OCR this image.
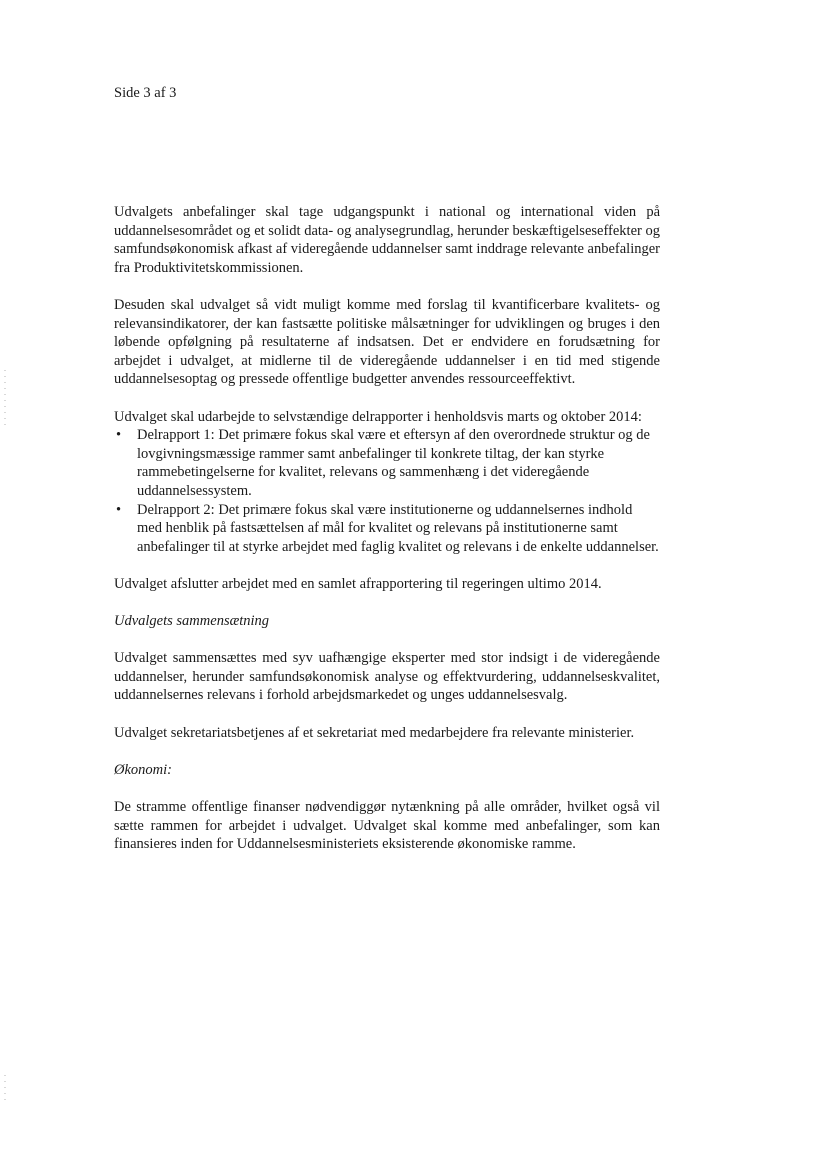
Side 3 af 3

Udvalgets anbefalinger skal tage udgangspunkt i national og international viden på uddannelsesområdet og et solidt data- og analysegrundlag, herunder beskæftigelseseffekter og samfundsøkonomisk afkast af videregående uddannelser samt inddrage relevante anbefalinger fra Produktivitetskommissionen.

Desuden skal udvalget så vidt muligt komme med forslag til kvantificerbare kvalitets- og relevansindikatorer, der kan fastsætte politiske målsætninger for udviklingen og bruges i den løbende opfølgning på resultaterne af indsatsen. Det er endvidere en forudsætning for arbejdet i udvalget, at midlerne til de videregående uddannelser i en tid med stigende uddannelsesoptag og pressede offentlige budgetter anvendes ressourceeffektivt.

Udvalget skal udarbejde to selvstændige delrapporter i henholdsvis marts og oktober 2014:

• Delrapport 1: Det primære fokus skal være et eftersyn af den overordnede struktur og de lovgivningsmæssige rammer samt anbefalinger til konkrete tiltag, der kan styrke rammebetingelserne for kvalitet, relevans og sammenhæng i det videregående uddannelsessystem.
• Delrapport 2: Det primære fokus skal være institutionerne og uddannelsernes indhold med henblik på fastsættelsen af mål for kvalitet og relevans på institutionerne samt anbefalinger til at styrke arbejdet med faglig kvalitet og relevans i de enkelte uddannelser.

Udvalget afslutter arbejdet med en samlet afrapportering til regeringen ultimo 2014.

Udvalgets sammensætning

Udvalget sammensættes med syv uafhængige eksperter med stor indsigt i de videregående uddannelser, herunder samfundsøkonomisk analyse og effektvurdering, uddannelseskvalitet, uddannelsernes relevans i forhold arbejdsmarkedet og unges uddannelsesvalg.

Udvalget sekretariatsbetjenes af et sekretariat med medarbejdere fra relevante ministerier.

Økonomi:

De stramme offentlige finanser nødvendiggør nytænkning på alle områder, hvilket også vil sætte rammen for arbejdet i udvalget. Udvalget skal komme med anbefalinger, som kan finansieres inden for Uddannelsesministeriets eksisterende økonomiske ramme.
